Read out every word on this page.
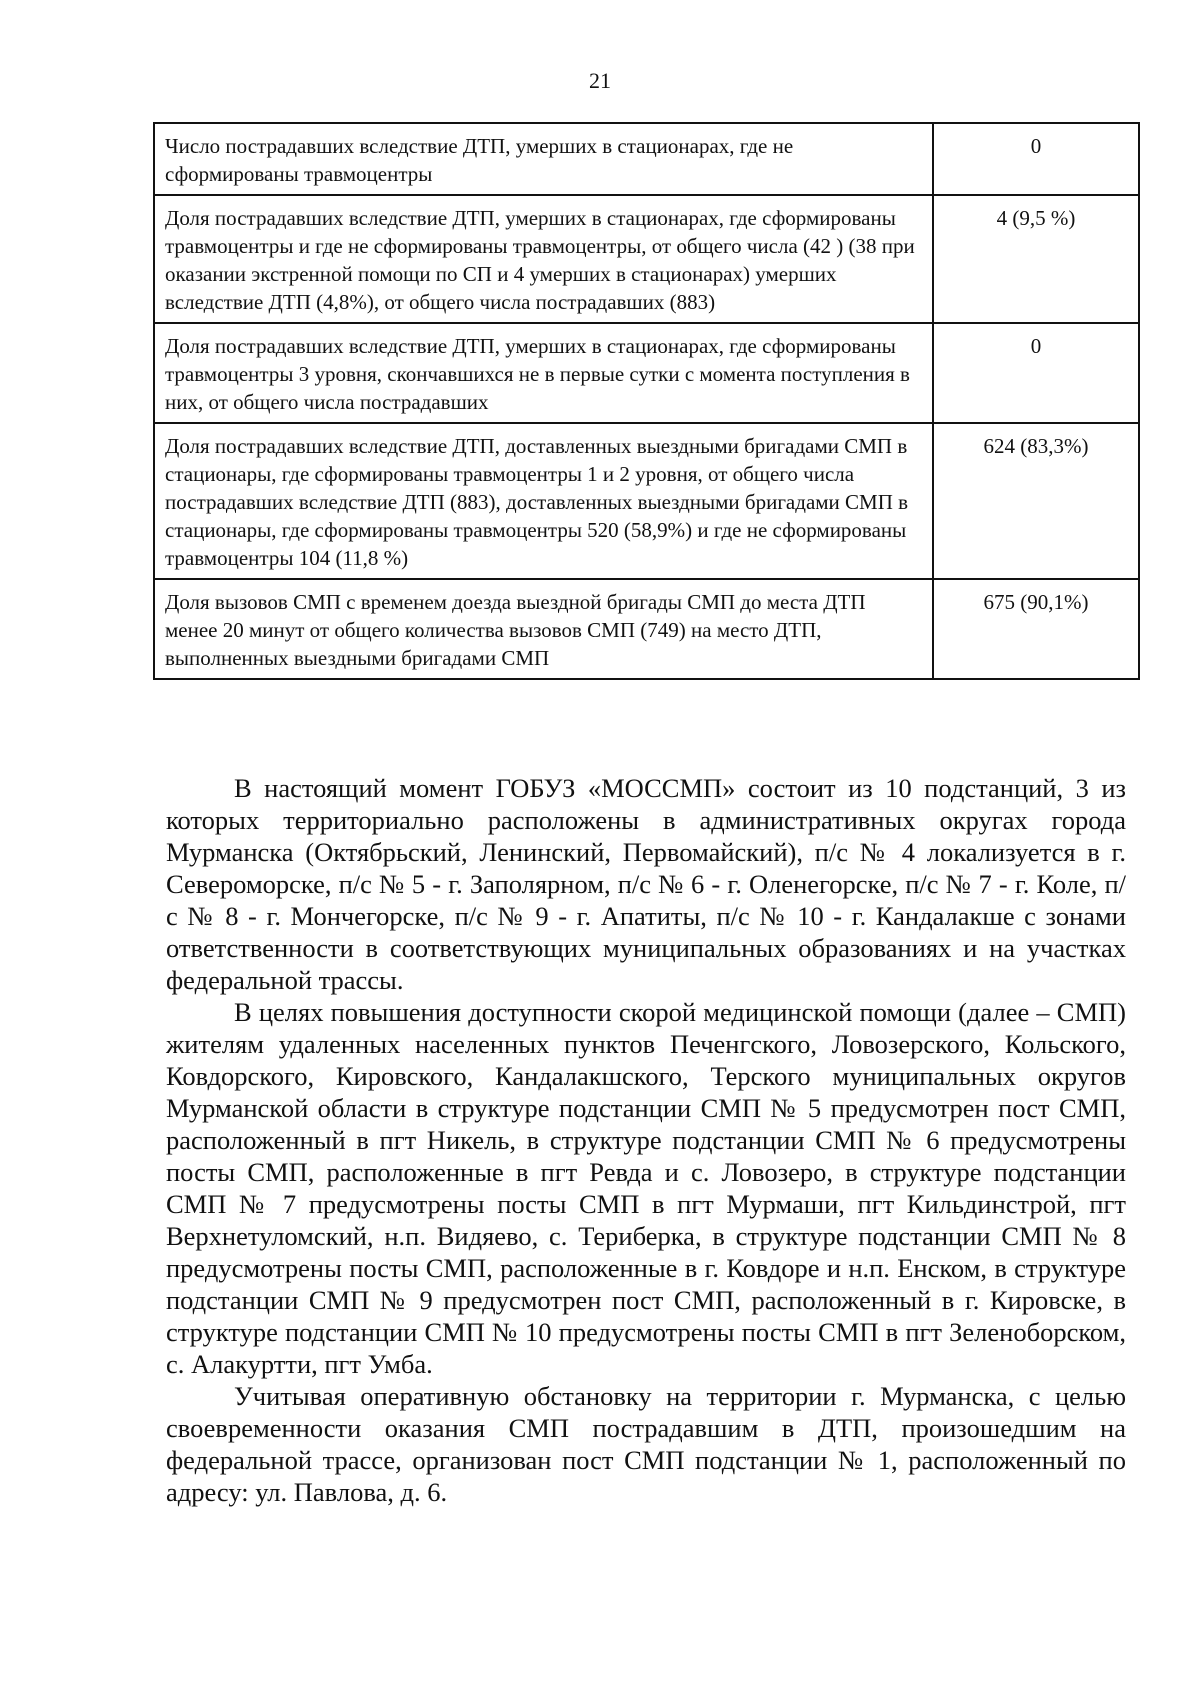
21
Число пострадавших вследствие ДТП, умерших в стационарах, где не сформированы травмоцентры	0
Доля пострадавших вследствие ДТП, умерших в стационарах, где сформированы травмоцентры и где не сформированы травмоцентры, от общего числа (42 ) (38 при оказании экстренной помощи по СП и 4 умерших в стационарах) умерших вследствие ДТП (4,8%), от общего числа пострадавших (883)	4 (9,5 %)
Доля пострадавших вследствие ДТП, умерших в стационарах, где сформированы травмоцентры 3 уровня, скончавшихся не в первые сутки с момента поступления в них, от общего числа пострадавших	0
Доля пострадавших вследствие ДТП, доставленных выездными бригадами СМП в стационары, где сформированы травмоцентры 1 и 2 уровня, от общего числа пострадавших вследствие ДТП (883), доставленных выездными бригадами СМП в стационары, где сформированы травмоцентры 520 (58,9%) и где не сформированы травмоцентры 104 (11,8 %)	624 (83,3%)
Доля вызовов СМП с временем доезда выездной бригады СМП до места ДТП менее 20 минут от общего количества вызовов СМП (749) на место ДТП, выполненных выездными бригадами СМП	675 (90,1%)

В настоящий момент ГОБУЗ «МОССМП» состоит из 10 подстанций, 3 из которых территориально расположены в административных округах города Мурманска (Октябрьский, Ленинский, Первомайский), п/с № 4 локализуется в г. Североморске, п/с № 5 - г. Заполярном, п/с № 6 - г. Оленегорске, п/с № 7 - г. Коле, п/с № 8 - г. Мончегорске, п/с № 9 - г. Апатиты, п/с № 10 - г. Кандалакше с зонами ответственности в соответствующих муниципальных образованиях и на участках федеральной трассы.

В целях повышения доступности скорой медицинской помощи (далее – СМП) жителям удаленных населенных пунктов Печенгского, Ловозерского, Кольского, Ковдорского, Кировского, Кандалакшского, Терского муниципальных округов Мурманской области в структуре подстанции СМП № 5 предусмотрен пост СМП, расположенный в пгт Никель, в структуре подстанции СМП № 6 предусмотрены посты СМП, расположенные в пгт Ревда и с. Ловозеро, в структуре подстанции СМП № 7 предусмотрены посты СМП в пгт Мурмаши, пгт Кильдинстрой, пгт Верхнетуломский, н.п. Видяево, с. Териберка, в структуре подстанции СМП № 8 предусмотрены посты СМП, расположенные в г. Ковдоре и н.п. Енском, в структуре подстанции СМП № 9 предусмотрен пост СМП, расположенный в г. Кировске, в структуре подстанции СМП № 10 предусмотрены посты СМП в пгт Зеленоборском, с. Алакуртти, пгт Умба.

Учитывая оперативную обстановку на территории г. Мурманска, с целью своевременности оказания СМП пострадавшим в ДТП, произошедшим на федеральной трассе, организован пост СМП подстанции № 1, расположенный по адресу: ул. Павлова, д. 6.
